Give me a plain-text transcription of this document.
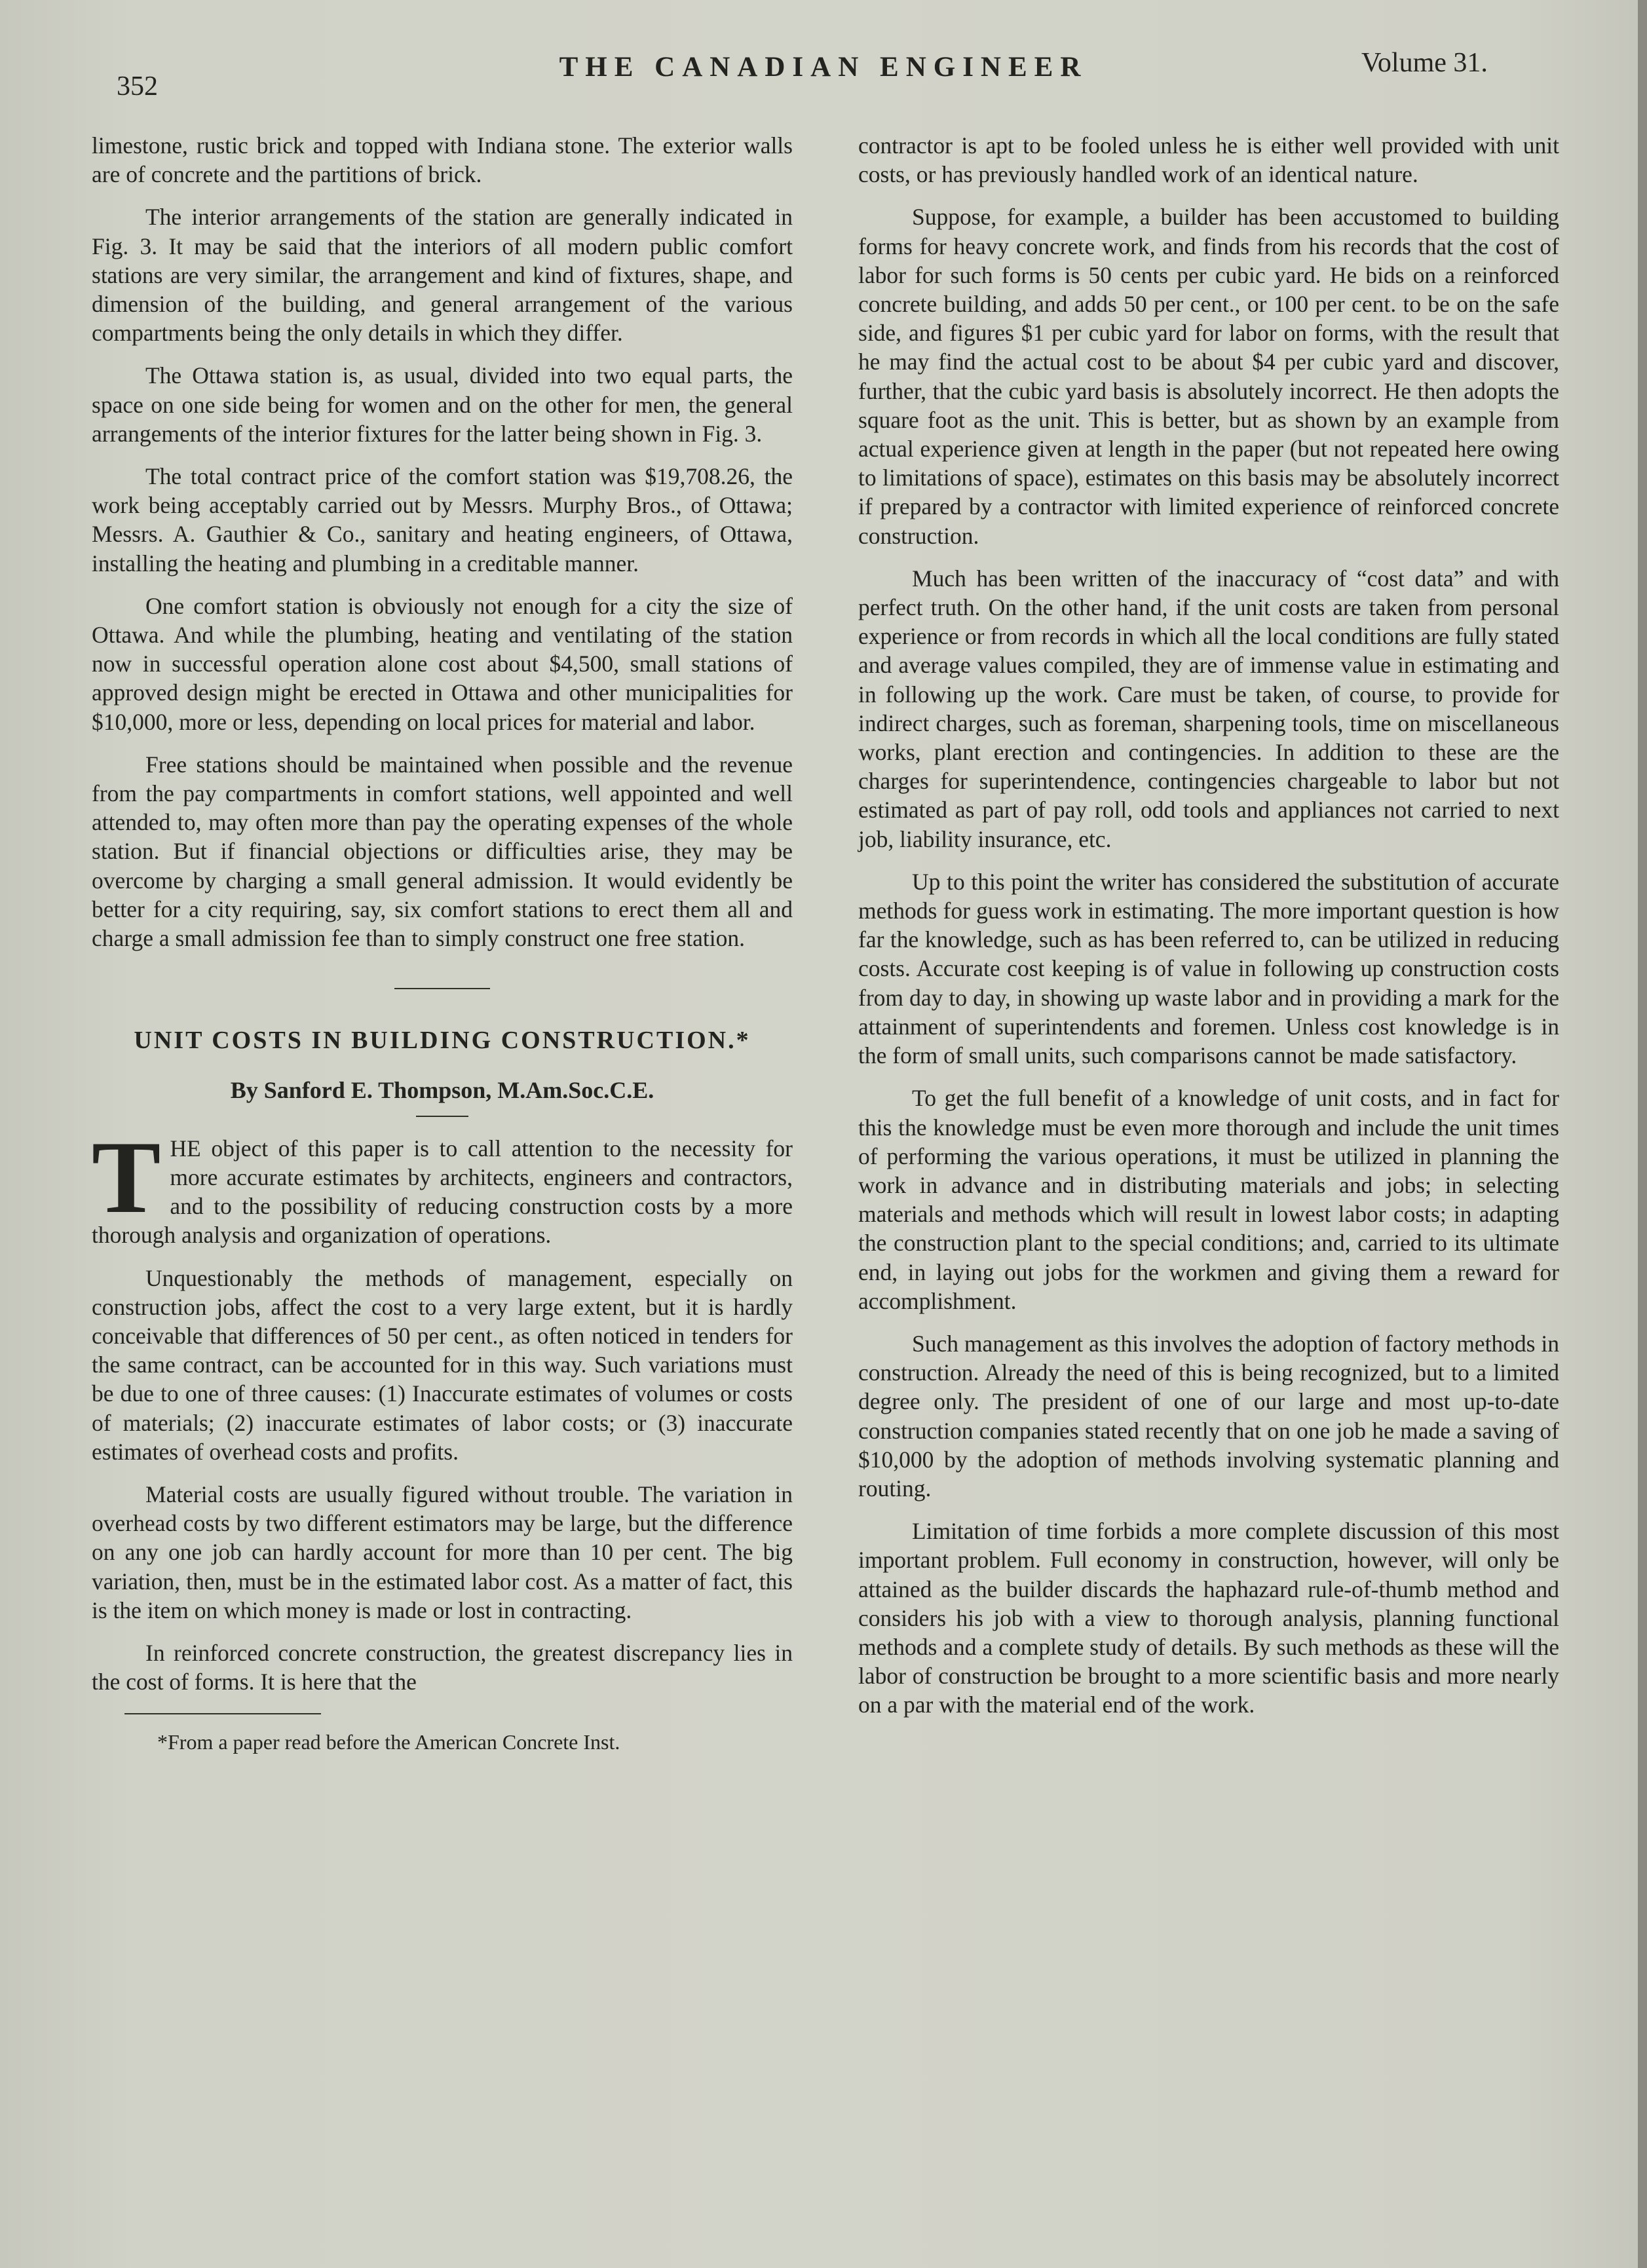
352
THE CANADIAN ENGINEER	Volume 31.

limestone, rustic brick and topped with Indiana stone. The exterior walls are of concrete and the partitions of brick.

The interior arrangements of the station are generally indicated in Fig. 3. It may be said that the interiors of all modern public comfort stations are very similar, the arrangement and kind of fixtures, shape, and dimension of the building, and general arrangement of the various compartments being the only details in which they differ.

The Ottawa station is, as usual, divided into two equal parts, the space on one side being for women and on the other for men, the general arrangements of the interior fixtures for the latter being shown in Fig. 3.

The total contract price of the comfort station was $19,708.26, the work being acceptably carried out by Messrs. Murphy Bros., of Ottawa; Messrs. A. Gauthier & Co., sanitary and heating engineers, of Ottawa, installing the heating and plumbing in a creditable manner.

One comfort station is obviously not enough for a city the size of Ottawa. And while the plumbing, heating and ventilating of the station now in successful operation alone cost about $4,500, small stations of approved design might be erected in Ottawa and other municipalities for $10,000, more or less, depending on local prices for material and labor.

Free stations should be maintained when possible and the revenue from the pay compartments in comfort stations, well appointed and well attended to, may often more than pay the operating expenses of the whole station. But if financial objections or difficulties arise, they may be overcome by charging a small general admission. It would evidently be better for a city requiring, say, six comfort stations to erect them all and charge a small admission fee than to simply construct one free station.

UNIT COSTS IN BUILDING CONSTRUCTION.*
By Sanford E. Thompson, M.Am.Soc.C.E.

THE object of this paper is to call attention to the necessity for more accurate estimates by architects, engineers and contractors, and to the possibility of reducing construction costs by a more thorough analysis and organization of operations.

Unquestionably the methods of management, especially on construction jobs, affect the cost to a very large extent, but it is hardly conceivable that differences of 50 per cent., as often noticed in tenders for the same contract, can be accounted for in this way. Such variations must be due to one of three causes: (1) Inaccurate estimates of volumes or costs of materials; (2) inaccurate estimates of labor costs; or (3) inaccurate estimates of overhead costs and profits.

Material costs are usually figured without trouble. The variation in overhead costs by two different estimators may be large, but the difference on any one job can hardly account for more than 10 per cent. The big variation, then, must be in the estimated labor cost. As a matter of fact, this is the item on which money is made or lost in contracting.

In reinforced concrete construction, the greatest discrepancy lies in the cost of forms. It is here that the

*From a paper read before the American Concrete Inst.

contractor is apt to be fooled unless he is either well provided with unit costs, or has previously handled work of an identical nature.

Suppose, for example, a builder has been accustomed to building forms for heavy concrete work, and finds from his records that the cost of labor for such forms is 50 cents per cubic yard. He bids on a reinforced concrete building, and adds 50 per cent., or 100 per cent. to be on the safe side, and figures $1 per cubic yard for labor on forms, with the result that he may find the actual cost to be about $4 per cubic yard and discover, further, that the cubic yard basis is absolutely incorrect. He then adopts the square foot as the unit. This is better, but as shown by an example from actual experience given at length in the paper (but not repeated here owing to limitations of space), estimates on this basis may be absolutely incorrect if prepared by a contractor with limited experience of reinforced concrete construction.

Much has been written of the inaccuracy of “cost data” and with perfect truth. On the other hand, if the unit costs are taken from personal experience or from records in which all the local conditions are fully stated and average values compiled, they are of immense value in estimating and in following up the work. Care must be taken, of course, to provide for indirect charges, such as foreman, sharpening tools, time on miscellaneous works, plant erection and contingencies. In addition to these are the charges for superintendence, contingencies chargeable to labor but not estimated as part of pay roll, odd tools and appliances not carried to next job, liability insurance, etc.

Up to this point the writer has considered the substitution of accurate methods for guess work in estimating. The more important question is how far the knowledge, such as has been referred to, can be utilized in reducing costs. Accurate cost keeping is of value in following up construction costs from day to day, in showing up waste labor and in providing a mark for the attainment of superintendents and foremen. Unless cost knowledge is in the form of small units, such comparisons cannot be made satisfactory.

To get the full benefit of a knowledge of unit costs, and in fact for this the knowledge must be even more thorough and include the unit times of performing the various operations, it must be utilized in planning the work in advance and in distributing materials and jobs; in selecting materials and methods which will result in lowest labor costs; in adapting the construction plant to the special conditions; and, carried to its ultimate end, in laying out jobs for the workmen and giving them a reward for accomplishment.

Such management as this involves the adoption of factory methods in construction. Already the need of this is being recognized, but to a limited degree only. The president of one of our large and most up-to-date construction companies stated recently that on one job he made a saving of $10,000 by the adoption of methods involving systematic planning and routing.

Limitation of time forbids a more complete discussion of this most important problem. Full economy in construction, however, will only be attained as the builder discards the haphazard rule-of-thumb method and considers his job with a view to thorough analysis, planning functional methods and a complete study of details. By such methods as these will the labor of construction be brought to a more scientific basis and more nearly on a par with the material end of the work.
